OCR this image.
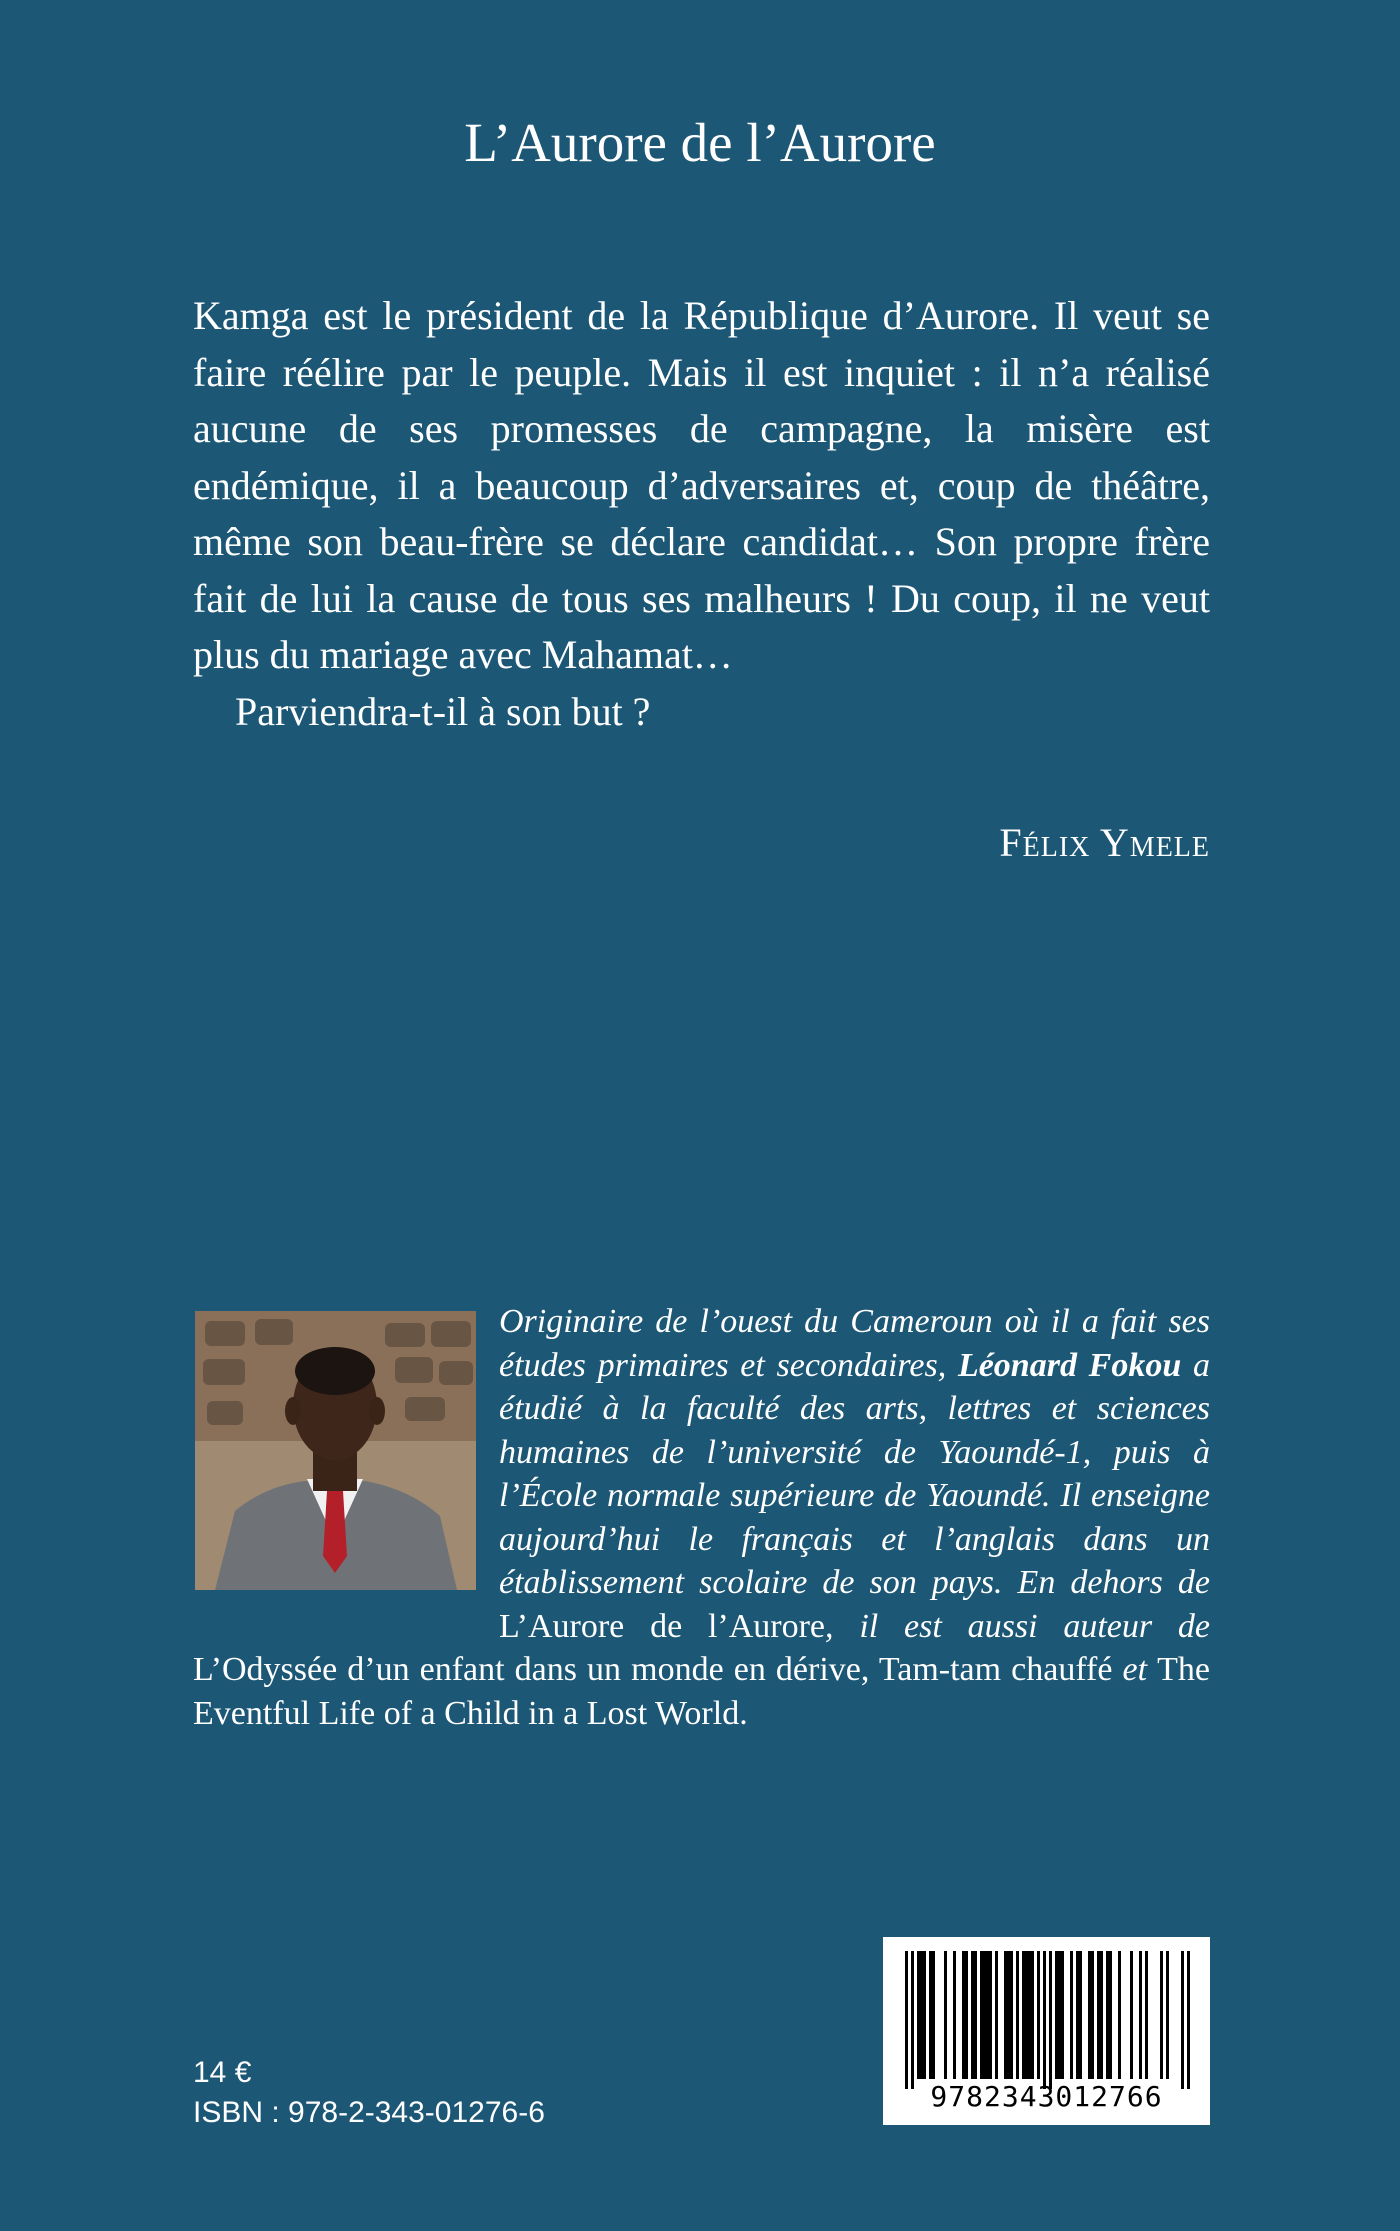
L’Aurore de l’Aurore

Kamga est le président de la République d’Aurore. Il veut se faire réélire par le peuple. Mais il est inquiet : il n’a réalisé aucune de ses promesses de campagne, la misère est endémique, il a beaucoup d’adversaires et, coup de théâtre, même son beau-frère se déclare candidat… Son propre frère fait de lui la cause de tous ses malheurs ! Du coup, il ne veut plus du mariage avec Mahamat…

Parviendra-t-il à son but ?

Félix Ymele
Originaire de l’ouest du Cameroun où il a fait ses études primaires et secondaires, Léonard Fokou a étudié à la faculté des arts, lettres et sciences humaines de l’université de Yaoundé-1, puis à l’École normale supérieure de Yaoundé. Il enseigne aujourd’hui le français et l’anglais dans un établissement scolaire de son pays. En dehors de L’Aurore de l’Aurore, il est aussi auteur de L’Odyssée d’un enfant dans un monde en dérive, Tam-tam chauffé et The Eventful Life of a Child in a Lost World.
14 €
ISBN : 978-2-343-01276-6	9782343012766
